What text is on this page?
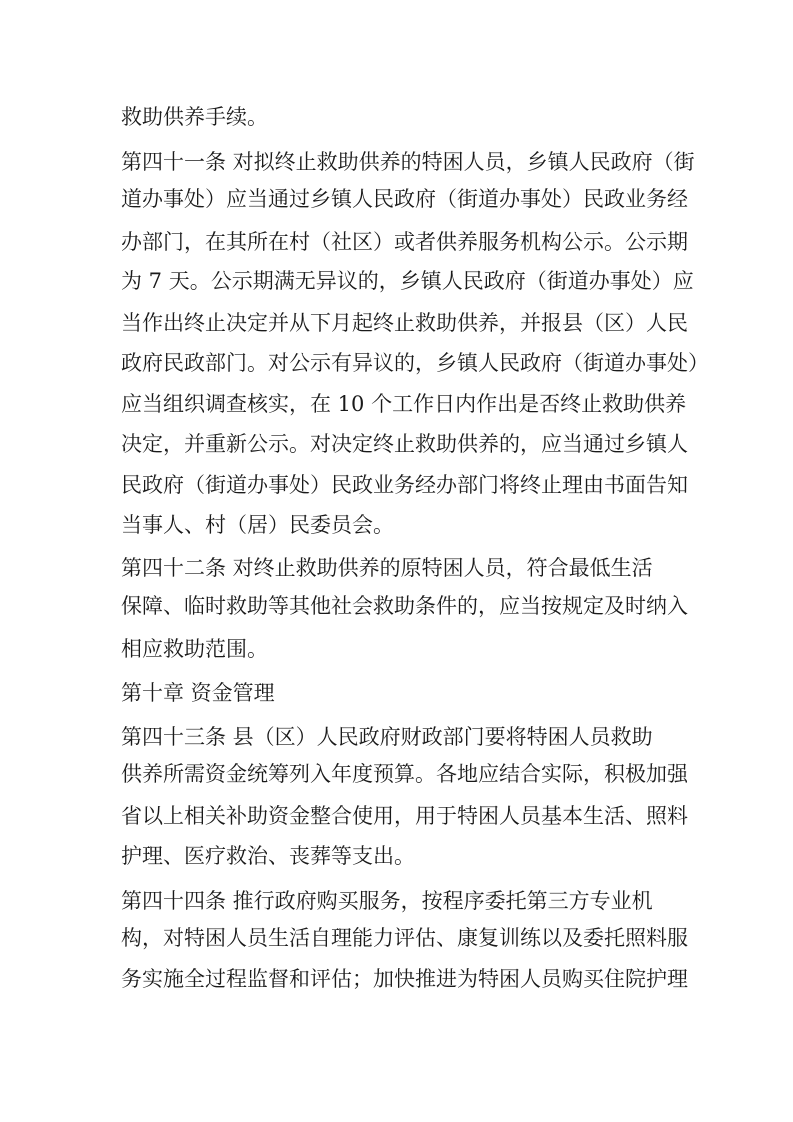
救助供养手续。

第四十一条 对拟终止救助供养的特困人员，乡镇人民政府（街

道办事处）应当通过乡镇人民政府（街道办事处）民政业务经

办部门，在其所在村（社区）或者供养服务机构公示。公示期

为 7 天。公示期满无异议的，乡镇人民政府（街道办事处）应

当作出终止决定并从下月起终止救助供养，并报县（区）人民

政府民政部门。对公示有异议的，乡镇人民政府（街道办事处）

应当组织调查核实，在 10 个工作日内作出是否终止救助供养

决定，并重新公示。对决定终止救助供养的，应当通过乡镇人

民政府（街道办事处）民政业务经办部门将终止理由书面告知

当事人、村（居）民委员会。

第四十二条 对终止救助供养的原特困人员，符合最低生活

保障、临时救助等其他社会救助条件的，应当按规定及时纳入

相应救助范围。

第十章 资金管理

第四十三条 县（区）人民政府财政部门要将特困人员救助

供养所需资金统筹列入年度预算。各地应结合实际，积极加强

省以上相关补助资金整合使用，用于特困人员基本生活、照料

护理、医疗救治、丧葬等支出。

第四十四条 推行政府购买服务，按程序委托第三方专业机

构，对特困人员生活自理能力评估、康复训练以及委托照料服

务实施全过程监督和评估；加快推进为特困人员购买住院护理
